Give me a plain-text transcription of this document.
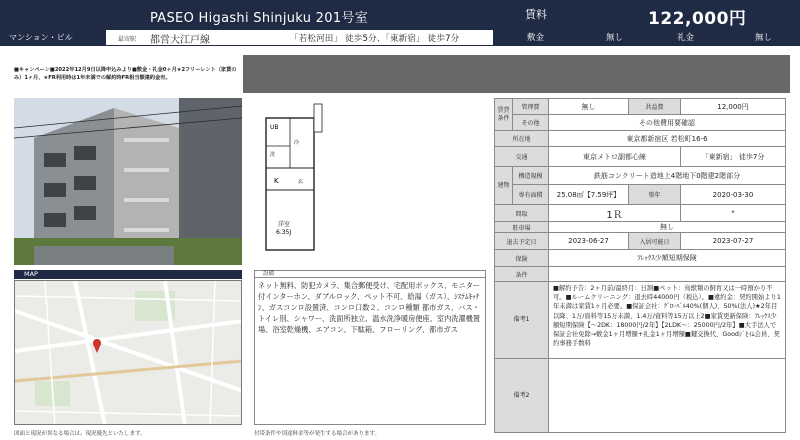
PASEO Higashi Shinjuku 201号室
マンション・ビル	最寄駅 都営大江戸線	「若松河田」 徒歩5分、「東新宿」 徒歩7分
賃料	122,000円
敷金	無し	礼金	無し
■キャンペーン■2022年12月9日以降申込みより■敷金・礼金0ヶ月★2フリーレント（家賃のみ）1ヶ月、★FR利用時は1年未満での解約時FR相当額違約金有。
UB
洗
冷
K	玄
洋室
6.35J
MAP
図面と現況が異なる場合は、現況優先といたします。
設備
ネット無料、防犯カメラ、集合郵便受け、宅配用ボックス、モニター付インターホン、ダブルロック、ペット不可、給湯（ガス）、ｼｽﾃﾑｷｯﾁﾝ、ガスコンロ設置済、コンロ口数２、コンロ種類 都市ガス、バス・トイレ別、シャワー、洗面所独立、温水洗浄暖房便座、室内洗濯機置場、浴室乾燥機、エアコン、下駄箱、フローリング、都市ガス
付帯条件や別途料金等が発生する場合があります。
賃貸条件	管理費	無し	共益費	12,000円
	その他	その他費用要確認		
所在地		東京都新宿区 若松町16-6		
交通		東京メトロ副都心線		「東新宿」 徒歩7分
建物	構造規模	鉄筋コンクリート造地上4階地下0階建2階部分		
	専有面積	25.08㎡【7.59坪】	築年	2020-03-30
間取		1Ｒ		*
駐車場		無し		
退去予定日		2023-06-27	入居可能日	2023-07-27
保険		ﾌﾚｯｸｽ少額短期保険		
条件				
備考1		■解約予告：2ヶ月前/最終月：日割■ペット：鳥獣類の飼育又は一時預かり不可。■ルームクリーニング：退去時44000円（税込）。■違約金：契約開始より1年未満は家賃1ヶ月必要。■保証会社：ｸﾞﾛｰﾊﾞﾙ40%(個人)、50%(法人)★2年目以降、1万/資料等15万未満、1.4万/資料等15万以上2■家賃更新保険：ﾌﾚｯｸｽ少額短期保険【～2DK：18000円/2年】【2LDK～：25000円/2年】■大手法人で保証会社免除→敷金1ヶ月増額+礼金1ヶ月増額■鍵交換代、Goodｼﾞﾋｲﾑ会員、契約事務手数料		
備考2				
